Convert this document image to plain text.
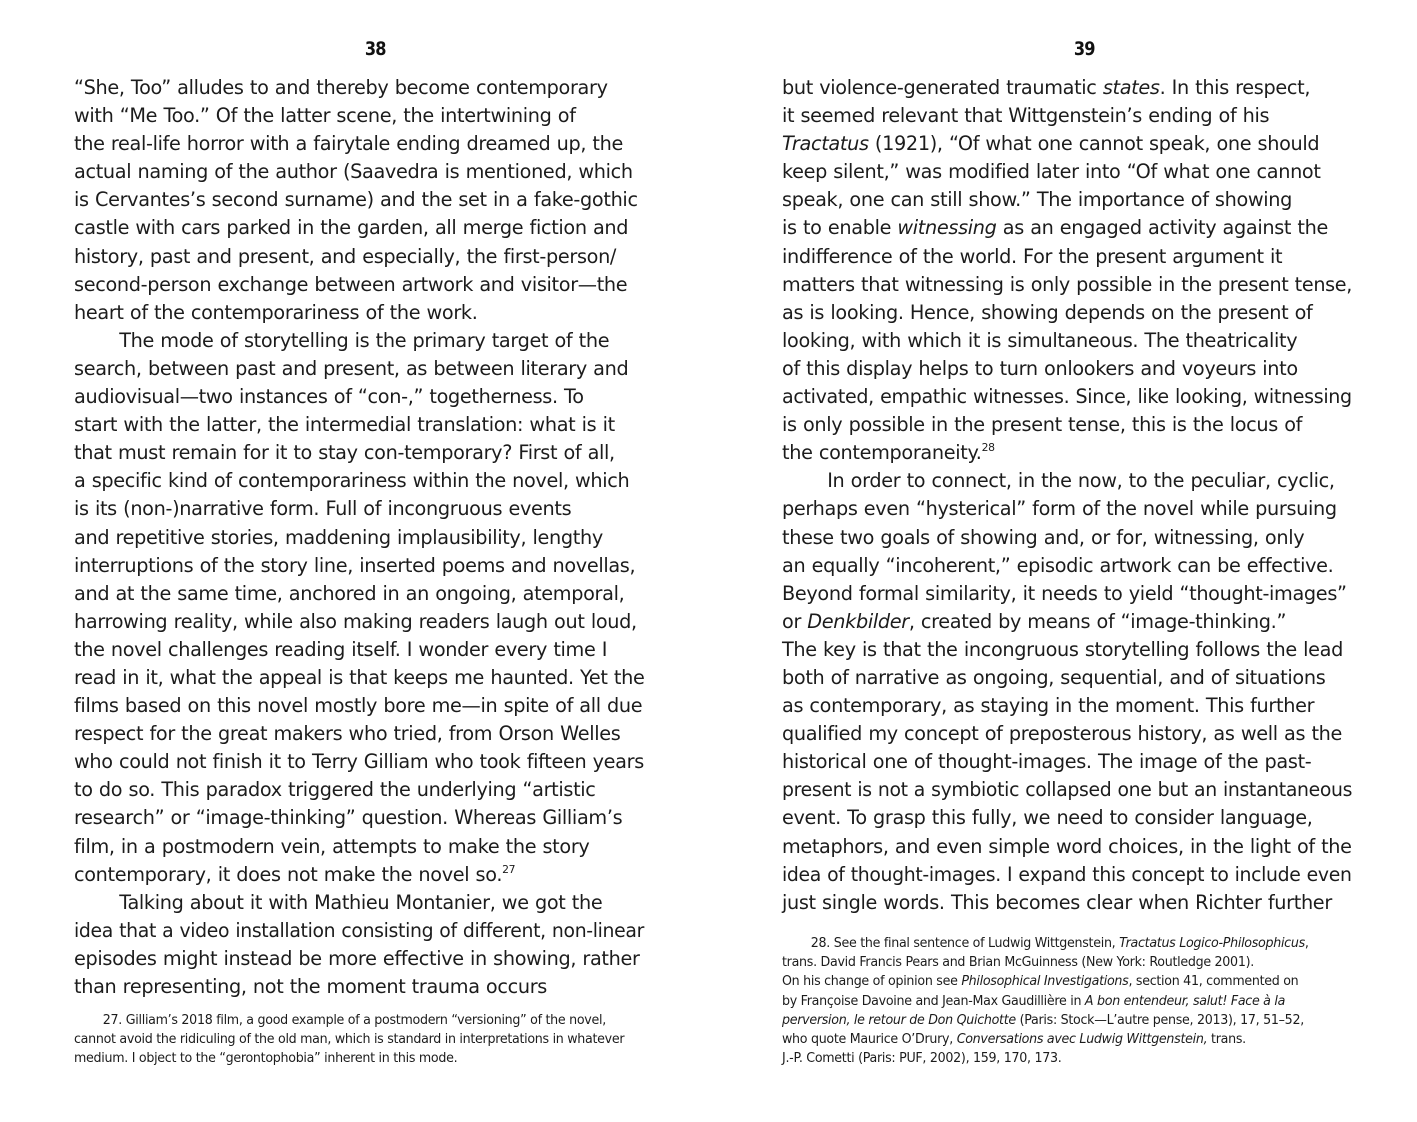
38
“She, Too” alludes to and thereby become contemporary
with “Me Too.” Of the latter scene, the intertwining of
the real-life horror with a fairytale ending dreamed up, the
actual naming of the author (Saavedra is mentioned, which
is Cervantes’s second surname) and the set in a fake-gothic
castle with cars parked in the garden, all merge fiction and
history, past and present, and especially, the first-person/
second-person exchange between artwork and visitor—the
heart of the contemporariness of the work.
The mode of storytelling is the primary target of the
search, between past and present, as between literary and
audiovisual—two instances of “con-,” togetherness. To
start with the latter, the intermedial translation: what is it
that must remain for it to stay con-temporary? First of all,
a specific kind of contemporariness within the novel, which
is its (non-)narrative form. Full of incongruous events
and repetitive stories, maddening implausibility, lengthy
interruptions of the story line, inserted poems and novellas,
and at the same time, anchored in an ongoing, atemporal,
harrowing reality, while also making readers laugh out loud,
the novel challenges reading itself. I wonder every time I
read in it, what the appeal is that keeps me haunted. Yet the
films based on this novel mostly bore me—in spite of all due
respect for the great makers who tried, from Orson Welles
who could not finish it to Terry Gilliam who took fifteen years
to do so. This paradox triggered the underlying “artistic
research” or “image-thinking” question. Whereas Gilliam’s
film, in a postmodern vein, attempts to make the story
contemporary, it does not make the novel so.$^{27}$
Talking about it with Mathieu Montanier, we got the
idea that a video installation consisting of different, non-linear
episodes might instead be more effective in showing, rather
than representing, not the moment trauma occurs
27. Gilliam’s 2018 film, a good example of a postmodern “versioning” of the novel,
cannot avoid the ridiculing of the old man, which is standard in interpretations in whatever
medium. I object to the “gerontophobia” inherent in this mode.
39
but violence-generated traumatic states. In this respect,
it seemed relevant that Wittgenstein’s ending of his
Tractatus (1921), “Of what one cannot speak, one should
keep silent,” was modified later into “Of what one cannot
speak, one can still show.” The importance of showing
is to enable witnessing as an engaged activity against the
indifference of the world. For the present argument it
matters that witnessing is only possible in the present tense,
as is looking. Hence, showing depends on the present of
looking, with which it is simultaneous. The theatricality
of this display helps to turn onlookers and voyeurs into
activated, empathic witnesses. Since, like looking, witnessing
is only possible in the present tense, this is the locus of
the contemporaneity.$^{28}$
In order to connect, in the now, to the peculiar, cyclic,
perhaps even “hysterical” form of the novel while pursuing
these two goals of showing and, or for, witnessing, only
an equally “incoherent,” episodic artwork can be effective.
Beyond formal similarity, it needs to yield “thought-images”
or Denkbilder, created by means of “image-thinking.”
The key is that the incongruous storytelling follows the lead
both of narrative as ongoing, sequential, and of situations
as contemporary, as staying in the moment. This further
qualified my concept of preposterous history, as well as the
historical one of thought-images. The image of the past-
present is not a symbiotic collapsed one but an instantaneous
event. To grasp this fully, we need to consider language,
metaphors, and even simple word choices, in the light of the
idea of thought-images. I expand this concept to include even
just single words. This becomes clear when Richter further
28. See the final sentence of Ludwig Wittgenstein, Tractatus Logico-Philosophicus,
trans. David Francis Pears and Brian McGuinness (New York: Routledge 2001).
On his change of opinion see Philosophical Investigations, section 41, commented on
by Françoise Davoine and Jean-Max Gaudillière in A bon entendeur, salut! Face à la
perversion, le retour de Don Quichotte (Paris: Stock—L’autre pense, 2013), 17, 51–52,
who quote Maurice O’Drury, Conversations avec Ludwig Wittgenstein, trans.
J.-P. Cometti (Paris: PUF, 2002), 159, 170, 173.
